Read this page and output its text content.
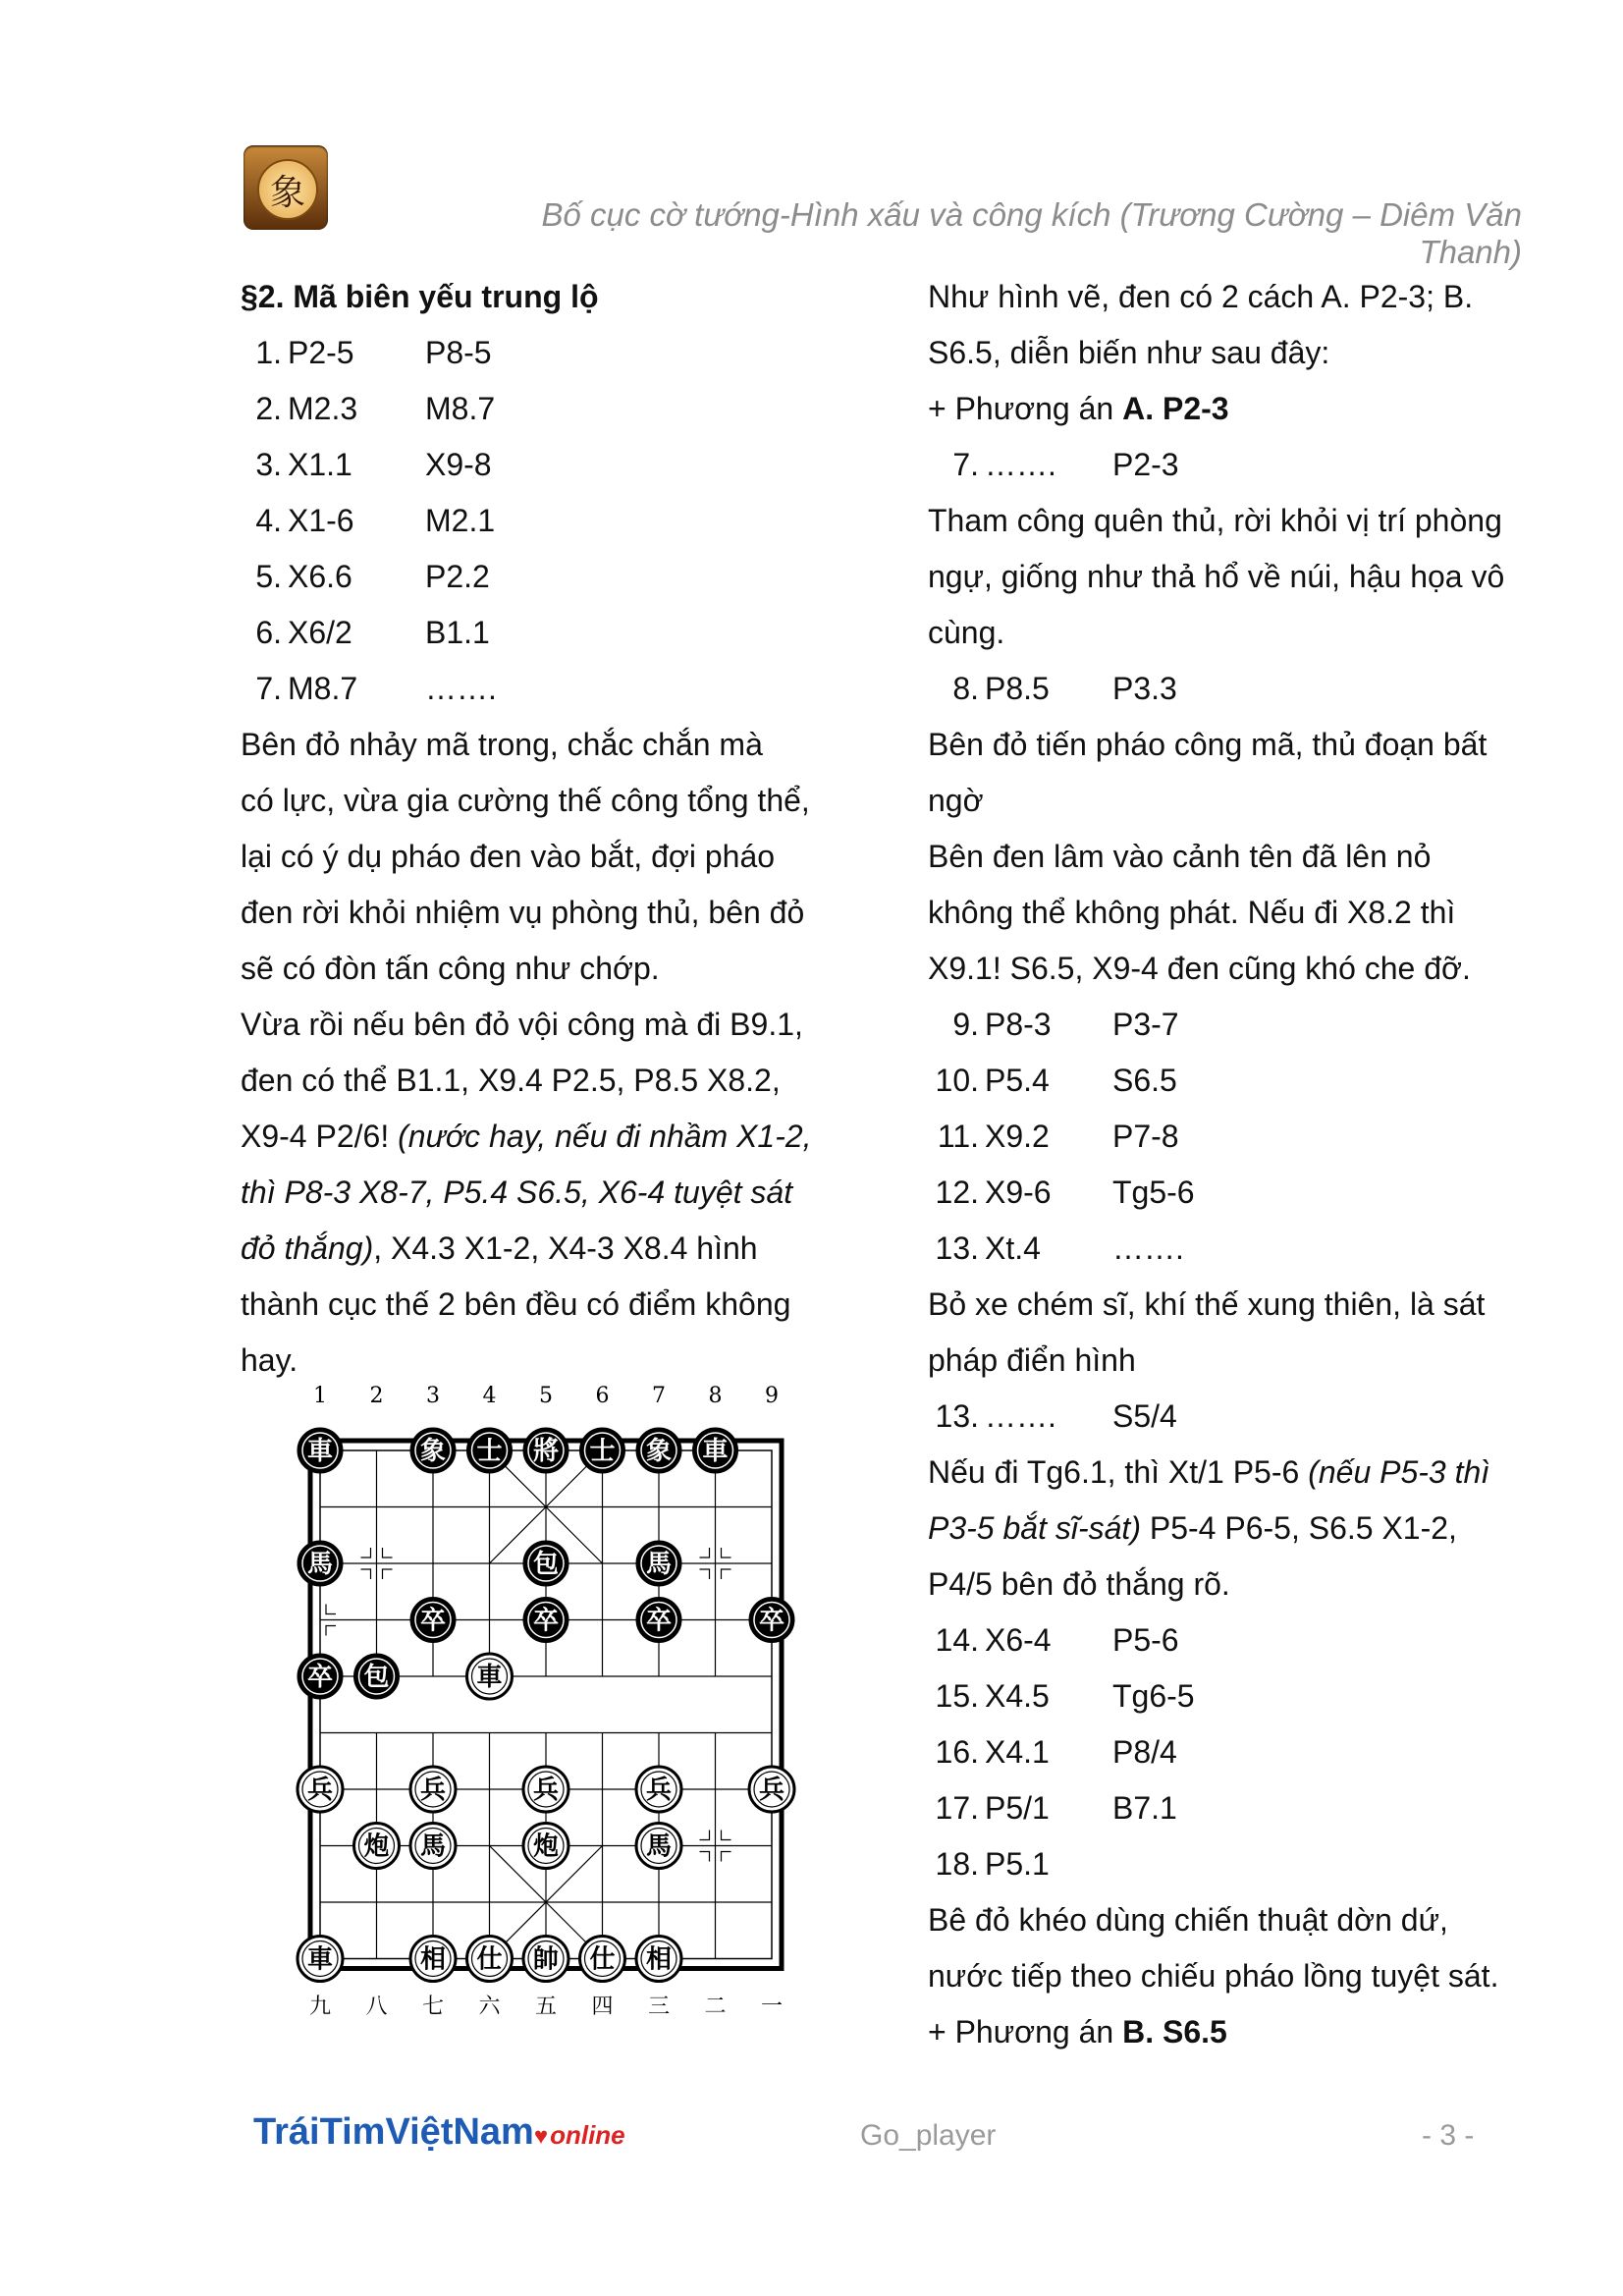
象
Bố cục cờ tướng-Hình xấu và công kích (Trương Cường – Diêm Văn Thanh)

§2. Mã biên yếu trung lộ

1. P2-5	P8-5
2. M2.3	M8.7
3. X1.1	X9-8
4. X1-6	M2.1
5. X6.6	P2.2
6. X6/2	B1.1
7. M8.7	…….

Bên đỏ nhảy mã trong, chắc chắn mà

có lực, vừa gia cường thế công tổng thể,

lại có ý dụ pháo đen vào bắt, đợi pháo

đen rời khỏi nhiệm vụ phòng thủ, bên đỏ

sẽ có đòn tấn công như chớp.

Vừa rồi nếu bên đỏ vội công mà đi B9.1,

đen có thể B1.1, X9.4 P2.5, P8.5 X8.2,

X9-4 P2/6! (nước hay, nếu đi nhầm X1-2,

thì P8-3 X8-7, P5.4 S6.5, X6-4 tuyệt sát

đỏ thắng), X4.3 X1-2, X4-3 X8.4 hình

thành cục thế 2 bên đều có điểm không

hay.

1 2 3 4 5 6 7 8 9
九 八 七 六 五 四 三 二 一
車	象 士 將 士 象 車
馬	包	馬
卒	卒	卒	卒
卒 包	車
兵	兵	兵	兵	兵
炮 馬	炮	馬
車	相 仕 帥 仕 相

Như hình vẽ, đen có 2 cách A. P2-3; B.

S6.5, diễn biến như sau đây:

+ Phương án A. P2-3

7. …….	P2-3

Tham công quên thủ, rời khỏi vị trí phòng

ngự, giống như thả hổ về núi, hậu họa vô

cùng.

8. P8.5	P3.3

Bên đỏ tiến pháo công mã, thủ đoạn bất

ngờ

Bên đen lâm vào cảnh tên đã lên nỏ

không thể không phát. Nếu đi X8.2 thì

X9.1! S6.5, X9-4 đen cũng khó che đỡ.

9. P8-3	P3-7
10. P5.4	S6.5
11. X9.2	P7-8
12. X9-6	Tg5-6
13. Xt.4	…….

Bỏ xe chém sĩ, khí thế xung thiên, là sát

pháp điển hình

13. …….	S5/4

Nếu đi Tg6.1, thì Xt/1 P5-6 (nếu P5-3 thì

P3-5 bắt sĩ-sát) P5-4 P6-5, S6.5 X1-2,

P4/5 bên đỏ thắng rõ.

14. X6-4	P5-6
15. X4.5	Tg6-5
16. X4.1	P8/4
17. P5/1	B7.1
18. P5.1

Bê đỏ khéo dùng chiến thuật dờn dứ,

nước tiếp theo chiếu pháo lồng tuyệt sát.

+ Phương án B. S6.5

TráiTimViệtNam♥online	Go_player	- 3 -
